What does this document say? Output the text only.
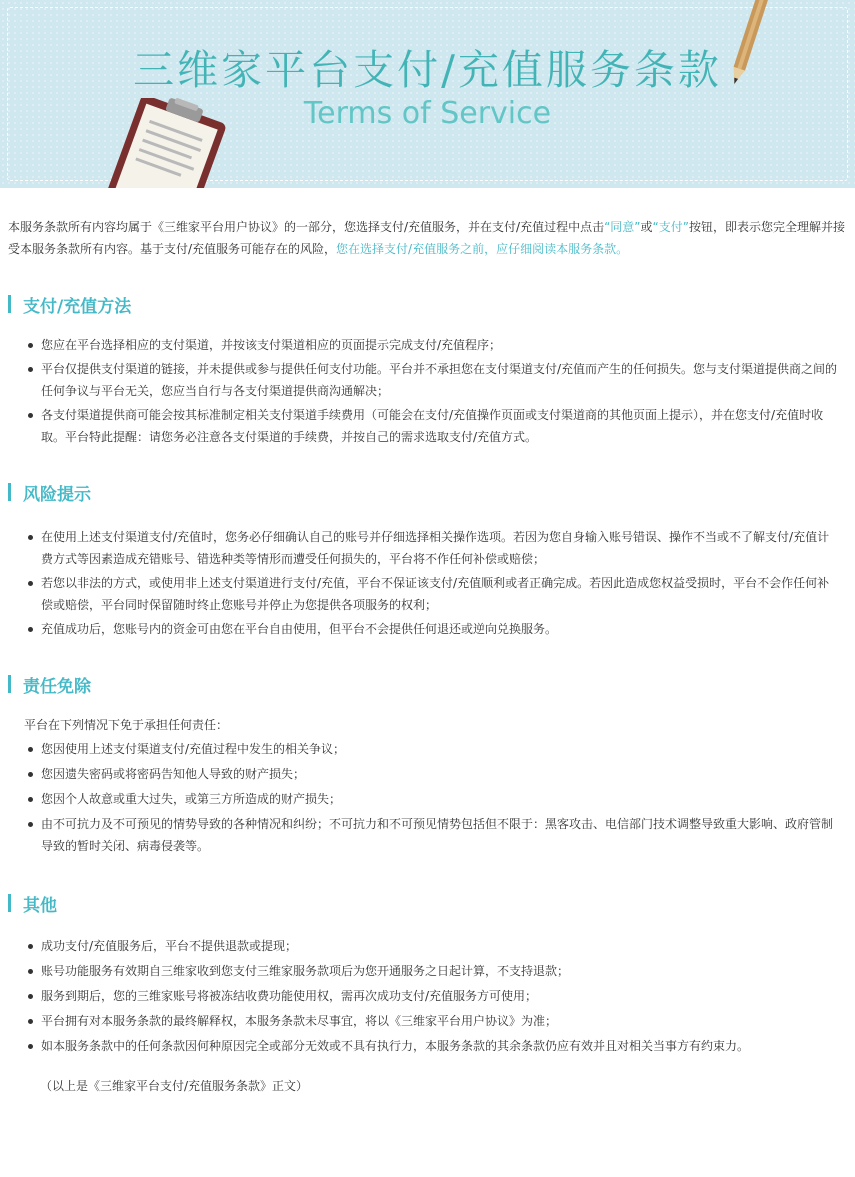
三维家平台支付/充值服务条款
Terms of Service
本服务条款所有内容均属于《三维家平台用户协议》的一部分，您选择支付/充值服务，并在支付/充值过程中点击“同意”或“支付”按钮，即表示您完全理解并接受本服务条款所有内容。基于支付/充值服务可能存在的风险，您在选择支付/充值服务之前，应仔细阅读本服务条款。
支付/充值方法
您应在平台选择相应的支付渠道，并按该支付渠道相应的页面提示完成支付/充值程序；
平台仅提供支付渠道的链接，并未提供或参与提供任何支付功能。平台并不承担您在支付渠道支付/充值而产生的任何损失。您与支付渠道提供商之间的任何争议与平台无关，您应当自行与各支付渠道提供商沟通解决；
各支付渠道提供商可能会按其标准制定相关支付渠道手续费用（可能会在支付/充值操作页面或支付渠道商的其他页面上提示），并在您支付/充值时收取。平台特此提醒：请您务必注意各支付渠道的手续费，并按自己的需求选取支付/充值方式。
风险提示
在使用上述支付渠道支付/充值时，您务必仔细确认自己的账号并仔细选择相关操作选项。若因为您自身输入账号错误、操作不当或不了解支付/充值计费方式等因素造成充错账号、错选种类等情形而遭受任何损失的，平台将不作任何补偿或赔偿；
若您以非法的方式，或使用非上述支付渠道进行支付/充值，平台不保证该支付/充值顺利或者正确完成。若因此造成您权益受损时，平台不会作任何补偿或赔偿，平台同时保留随时终止您账号并停止为您提供各项服务的权利；
充值成功后，您账号内的资金可由您在平台自由使用，但平台不会提供任何退还或逆向兑换服务。
责任免除
平台在下列情况下免于承担任何责任：
您因使用上述支付渠道支付/充值过程中发生的相关争议；
您因遗失密码或将密码告知他人导致的财产损失；
您因个人故意或重大过失，或第三方所造成的财产损失；
由不可抗力及不可预见的情势导致的各种情况和纠纷；不可抗力和不可预见情势包括但不限于：黑客攻击、电信部门技术调整导致重大影响、政府管制导致的暂时关闭、病毒侵袭等。
其他
成功支付/充值服务后，平台不提供退款或提现；
账号功能服务有效期自三维家收到您支付三维家服务款项后为您开通服务之日起计算，不支持退款；
服务到期后，您的三维家账号将被冻结收费功能使用权，需再次成功支付/充值服务方可使用；
平台拥有对本服务条款的最终解释权，本服务条款未尽事宜，将以《三维家平台用户协议》为准；
如本服务条款中的任何条款因何种原因完全或部分无效或不具有执行力，本服务条款的其余条款仍应有效并且对相关当事方有约束力。
（以上是《三维家平台支付/充值服务条款》正文）
